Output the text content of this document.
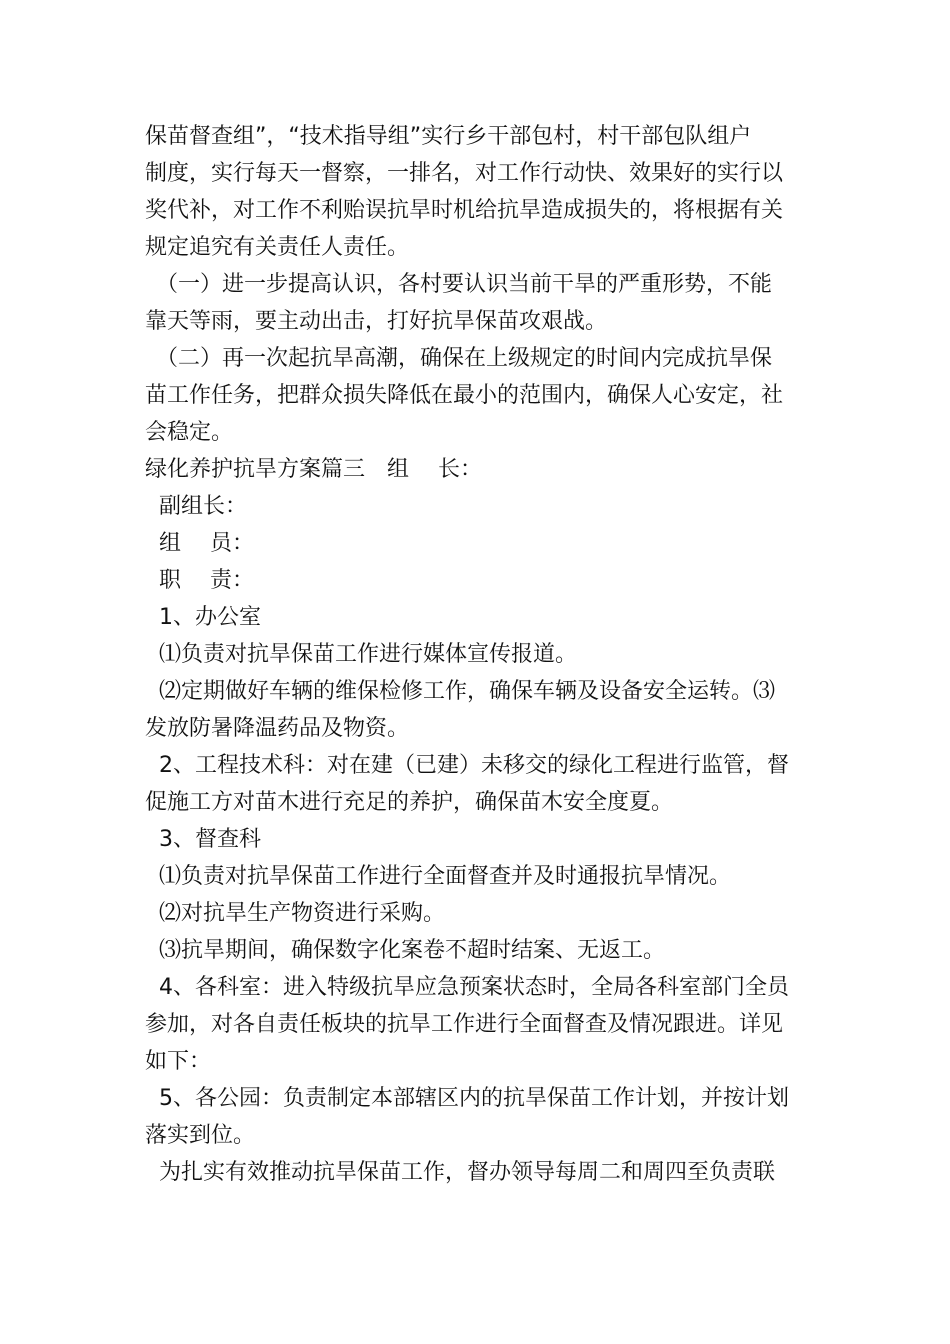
保苗督查组”，“技术指导组”实行乡干部包村，村干部包队组户
制度，实行每天一督察，一排名，对工作行动快、效果好的实行以
奖代补，对工作不利贻误抗旱时机给抗旱造成损失的，将根据有关
规定追究有关责任人责任。
　（一）进一步提高认识，各村要认识当前干旱的严重形势，不能
靠天等雨，要主动出击，打好抗旱保苗攻艰战。
　（二）再一次起抗旱高潮，确保在上级规定的时间内完成抗旱保
苗工作任务，把群众损失降低在最小的范围内，确保人心安定，社
会稳定。
绿化养护抗旱方案篇三　组　 长：
副组长：
组　 员：
职　 责：
1、办公室
⑴负责对抗旱保苗工作进行媒体宣传报道。
⑵定期做好车辆的维保检修工作，确保车辆及设备安全运转。⑶
发放防暑降温药品及物资。
2、工程技术科：对在建（已建）未移交的绿化工程进行监管，督
促施工方对苗木进行充足的养护，确保苗木安全度夏。
3、督查科
⑴负责对抗旱保苗工作进行全面督查并及时通报抗旱情况。
⑵对抗旱生产物资进行采购。
⑶抗旱期间，确保数字化案卷不超时结案、无返工。
4、各科室：进入特级抗旱应急预案状态时，全局各科室部门全员
参加，对各自责任板块的抗旱工作进行全面督查及情况跟进。详见
如下：
5、各公园：负责制定本部辖区内的抗旱保苗工作计划，并按计划
落实到位。
为扎实有效推动抗旱保苗工作，督办领导每周二和周四至负责联
